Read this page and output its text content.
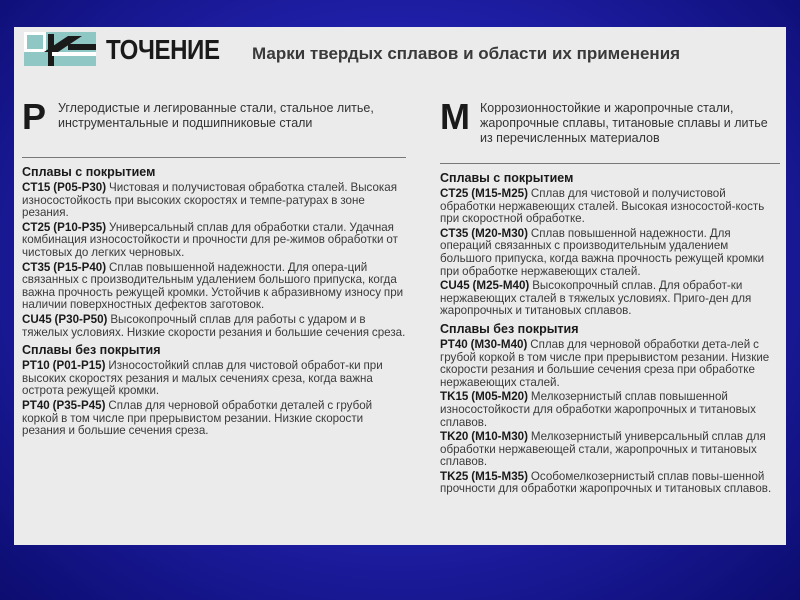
ТОЧЕНИЕ Марки твердых сплавов и области их применения
P Углеродистые и легированные стали, стальное литье, инструментальные и подшипниковые стали
Сплавы с покрытием
CT15 (P05-P30) Чистовая и получистовая обработка сталей. Высокая износостойкость при высоких скоростях и темпе-ратурах в зоне резания.
CT25 (P10-P35) Универсальный сплав для обработки стали. Удачная комбинация износостойкости и прочности для ре-жимов обработки от чистовых до легких черновых.
CT35 (P15-P40) Сплав повышенной надежности. Для опера-ций связанных с производительным удалением большого припуска, когда важна прочность режущей кромки. Устойчив к абразивному износу при наличии поверхностных дефектов заготовок.
CU45 (P30-P50) Высокопрочный сплав для работы с ударом и в тяжелых условиях. Низкие скорости резания и большие сечения среза.
Сплавы без покрытия
PT10 (P01-P15) Износостойкий сплав для чистовой обработ-ки при высоких скоростях резания и малых сечениях среза, когда важна острота режущей кромки.
PT40 (P35-P45) Сплав для черновой обработки деталей с грубой коркой в том числе при прерывистом резании. Низкие скорости резания и большие сечения среза.
M Коррозионностойкие и жаропрочные стали, жаропрочные сплавы, титановые сплавы и литье из перечисленных материалов
Сплавы с покрытием
CT25 (M15-M25) Сплав для чистовой и получистовой обработки нержавеющих сталей. Высокая износостой-кость при скоростной обработке.
CT35 (M20-M30) Сплав повышенной надежности. Для операций связанных с производительным удалением большого припуска, когда важна прочность режущей кромки при обработке нержавеющих сталей.
CU45 (M25-M40) Высокопрочный сплав. Для обработ-ки нержавеющих сталей в тяжелых условиях. Приго-ден для жаропрочных и титановых сплавов.
Сплавы без покрытия
PT40 (M30-M40) Сплав для черновой обработки дета-лей с грубой коркой в том числе при прерывистом резании. Низкие скорости резания и большие сечения среза при обработке нержавеющих сталей.
TK15 (M05-M20) Мелкозернистый сплав повышенной износостойкости для обработки жаропрочных и титановых сплавов.
TK20 (M10-M30) Мелкозернистый универсальный сплав для обработки нержавеющей стали, жаропрочных и титановых сплавов.
TK25 (M15-M35) Особомелкозернистый сплав повы-шенной прочности для обработки жаропрочных и титановых сплавов.
